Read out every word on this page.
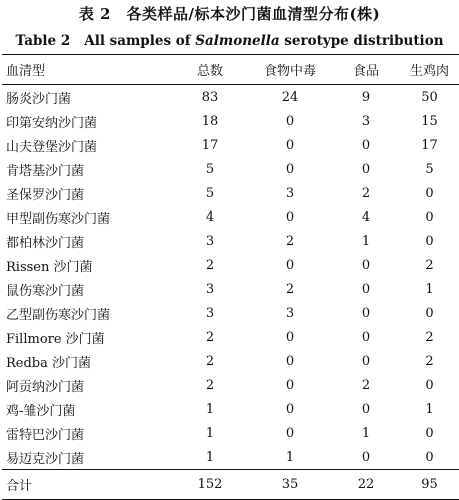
表 2　各类样品/标本沙门菌血清型分布(株)
Table 2 All samples of Salmonella serotype distribution
血清型	总数	食物中毒	食品	生鸡肉
肠炎沙门菌	83	24	9	50
印第安纳沙门菌	18	0	3	15
山夫登堡沙门菌	17	0	0	17
肯塔基沙门菌	5	0	0	5
圣保罗沙门菌	5	3	2	0
甲型副伤寒沙门菌	4	0	4	0
都柏林沙门菌	3	2	1	0
Rissen 沙门菌	2	0	0	2
鼠伤寒沙门菌	3	2	0	1
乙型副伤寒沙门菌	3	3	0	0
Fillmore 沙门菌	2	0	0	2
Redba 沙门菌	2	0	0	2
阿贡纳沙门菌	2	0	2	0
鸡-雏沙门菌	1	0	0	1
雷特巴沙门菌	1	0	1	0
易迈克沙门菌	1	1	0	0
合计	152	35	22	95
